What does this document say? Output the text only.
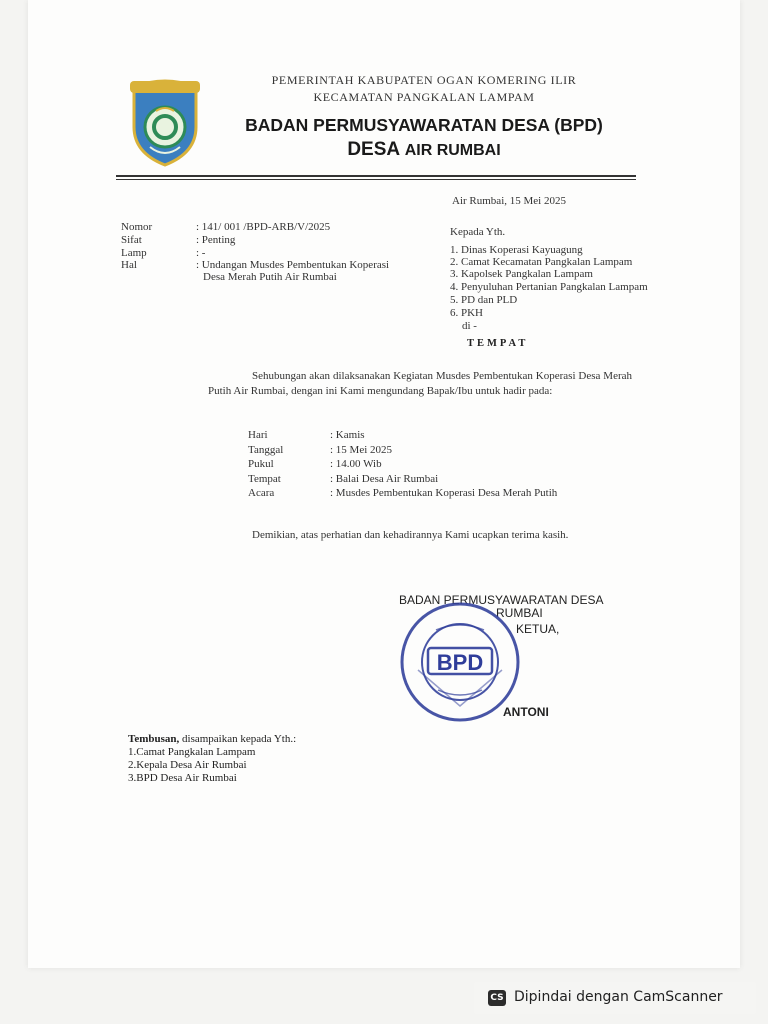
PEMERINTAH KABUPATEN OGAN KOMERING ILIR
KECAMATAN PANGKALAN LAMPAM
BADAN PERMUSYAWARATAN DESA (BPD)
DESA AIR RUMBAI
Air Rumbai, 15 Mei 2025
Nomor	: 141/ 001 /BPD-ARB/V/2025
Sifat	: Penting
Lamp	: -
Hal	: Undangan Musdes Pembentukan Koperasi
Desa Merah Putih Air Rumbai
Kepada Yth.
1. Dinas Koperasi Kayuagung
2. Camat Kecamatan Pangkalan Lampam
3. Kapolsek Pangkalan Lampam
4. Penyuluhan Pertanian Pangkalan Lampam
5. PD dan PLD
6. PKH
di -
TEMPAT
Sehubungan akan dilaksanakan Kegiatan Musdes Pembentukan Koperasi Desa Merah Putih Air Rumbai, dengan ini Kami mengundang Bapak/Ibu untuk hadir pada:
Hari	: Kamis
Tanggal	: 15 Mei 2025
Pukul	: 14.00 Wib
Tempat	: Balai Desa Air Rumbai
Acara	: Musdes Pembentukan Koperasi Desa Merah Putih
Demikian, atas perhatian dan kehadirannya Kami ucapkan terima kasih.
BADAN PERMUSYAWARATAN DESA
RUMBAI
KETUA,
ANTONI
BPD
Tembusan, disampaikan kepada Yth.:
1.Camat Pangkalan Lampam
2.Kepala Desa Air Rumbai
3.BPD Desa Air Rumbai
CS Dipindai dengan CamScanner
